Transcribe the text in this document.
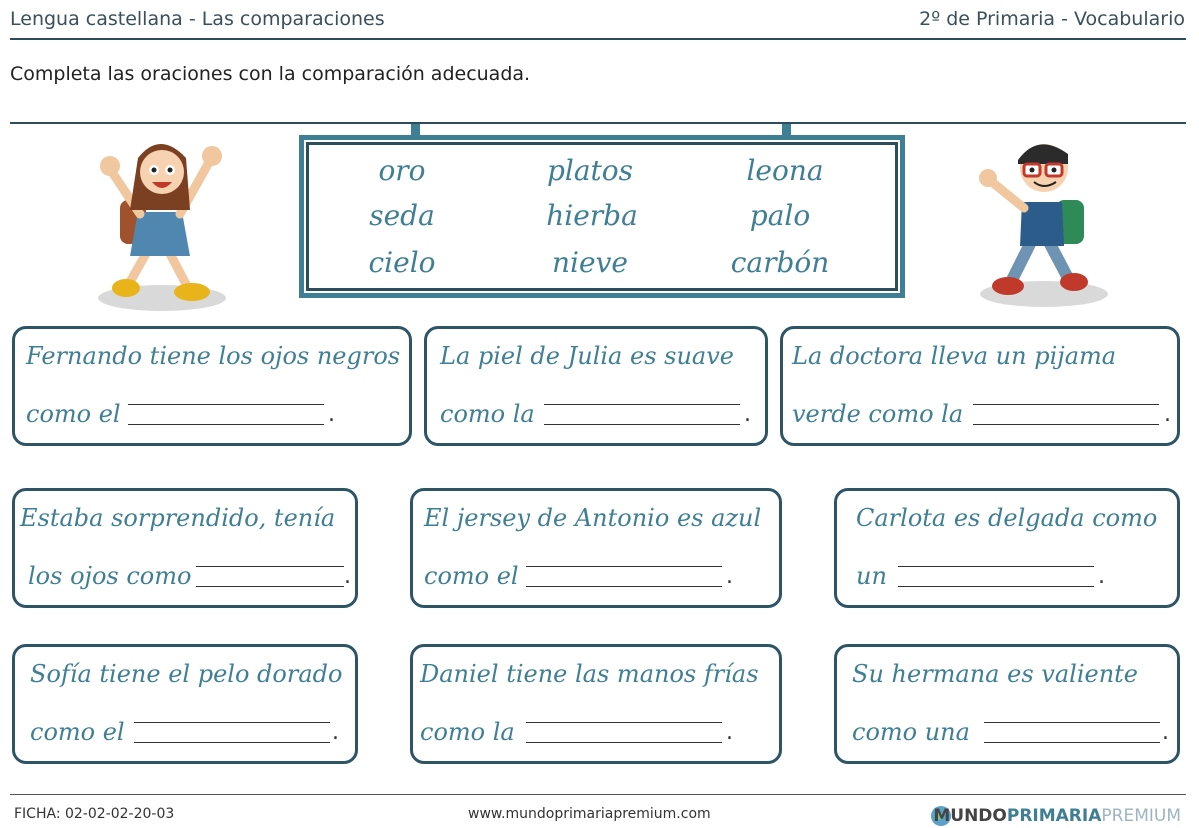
Lengua castellana - Las comparaciones	2º de Primaria - Vocabulario
Completa las oraciones con la comparación adecuada.
oro	platos	leona
seda	hierba	palo
cielo	nieve	carbón
Fernando tiene los ojos negros
como el	.
La piel de Julia es suave
como la	.
La doctora lleva un pijama
verde como la	.
Estaba sorprendido, tenía
los ojos como	.
El jersey de Antonio es azul
como el	.
Carlota es delgada como
un	.
Sofía tiene el pelo dorado
como el	.
Daniel tiene las manos frías
como la	.
Su hermana es valiente
como una	.
FICHA: 02-02-02-20-03	www.mundoprimariapremium.com	MUNDOPRIMARIAPREMIUM
